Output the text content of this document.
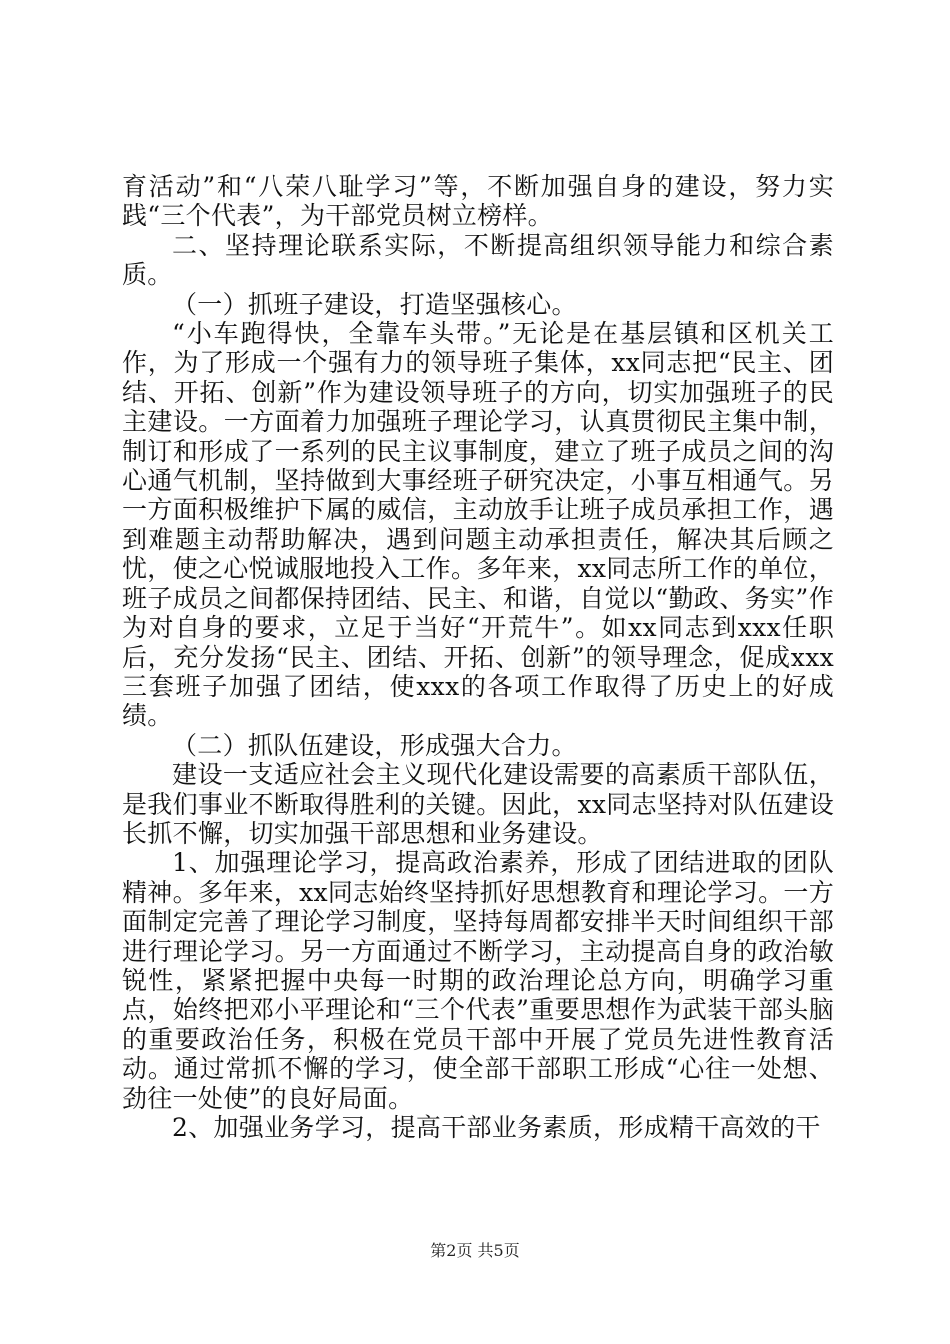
育活动”和“八荣八耻学习”等，不断加强自身的建设，努力实践“三个代表”，为干部党员树立榜样。

二、坚持理论联系实际，不断提高组织领导能力和综合素质。

（一）抓班子建设，打造坚强核心。

“小车跑得快，全靠车头带。”无论是在基层镇和区机关工作，为了形成一个强有力的领导班子集体，xx同志把“民主、团结、开拓、创新”作为建设领导班子的方向，切实加强班子的民主建设。一方面着力加强班子理论学习，认真贯彻民主集中制，制订和形成了一系列的民主议事制度，建立了班子成员之间的沟心通气机制，坚持做到大事经班子研究决定，小事互相通气。另一方面积极维护下属的威信，主动放手让班子成员承担工作，遇到难题主动帮助解决，遇到问题主动承担责任，解决其后顾之忧，使之心悦诚服地投入工作。多年来，xx同志所工作的单位，班子成员之间都保持团结、民主、和谐，自觉以“勤政、务实”作为对自身的要求，立足于当好“开荒牛”。如xx同志到xxx任职后，充分发扬“民主、团结、开拓、创新”的领导理念，促成xxx三套班子加强了团结，使xxx的各项工作取得了历史上的好成绩。

（二）抓队伍建设，形成强大合力。

建设一支适应社会主义现代化建设需要的高素质干部队伍，是我们事业不断取得胜利的关键。因此，xx同志坚持对队伍建设长抓不懈，切实加强干部思想和业务建设。

1、加强理论学习，提高政治素养，形成了团结进取的团队精神。多年来，xx同志始终坚持抓好思想教育和理论学习。一方面制定完善了理论学习制度，坚持每周都安排半天时间组织干部进行理论学习。另一方面通过不断学习，主动提高自身的政治敏锐性，紧紧把握中央每一时期的政治理论总方向，明确学习重点，始终把邓小平理论和“三个代表”重要思想作为武装干部头脑的重要政治任务，积极在党员干部中开展了党员先进性教育活动。通过常抓不懈的学习，使全部干部职工形成“心往一处想、劲往一处使”的良好局面。

2、加强业务学习，提高干部业务素质，形成精干高效的干

第2页 共5页
